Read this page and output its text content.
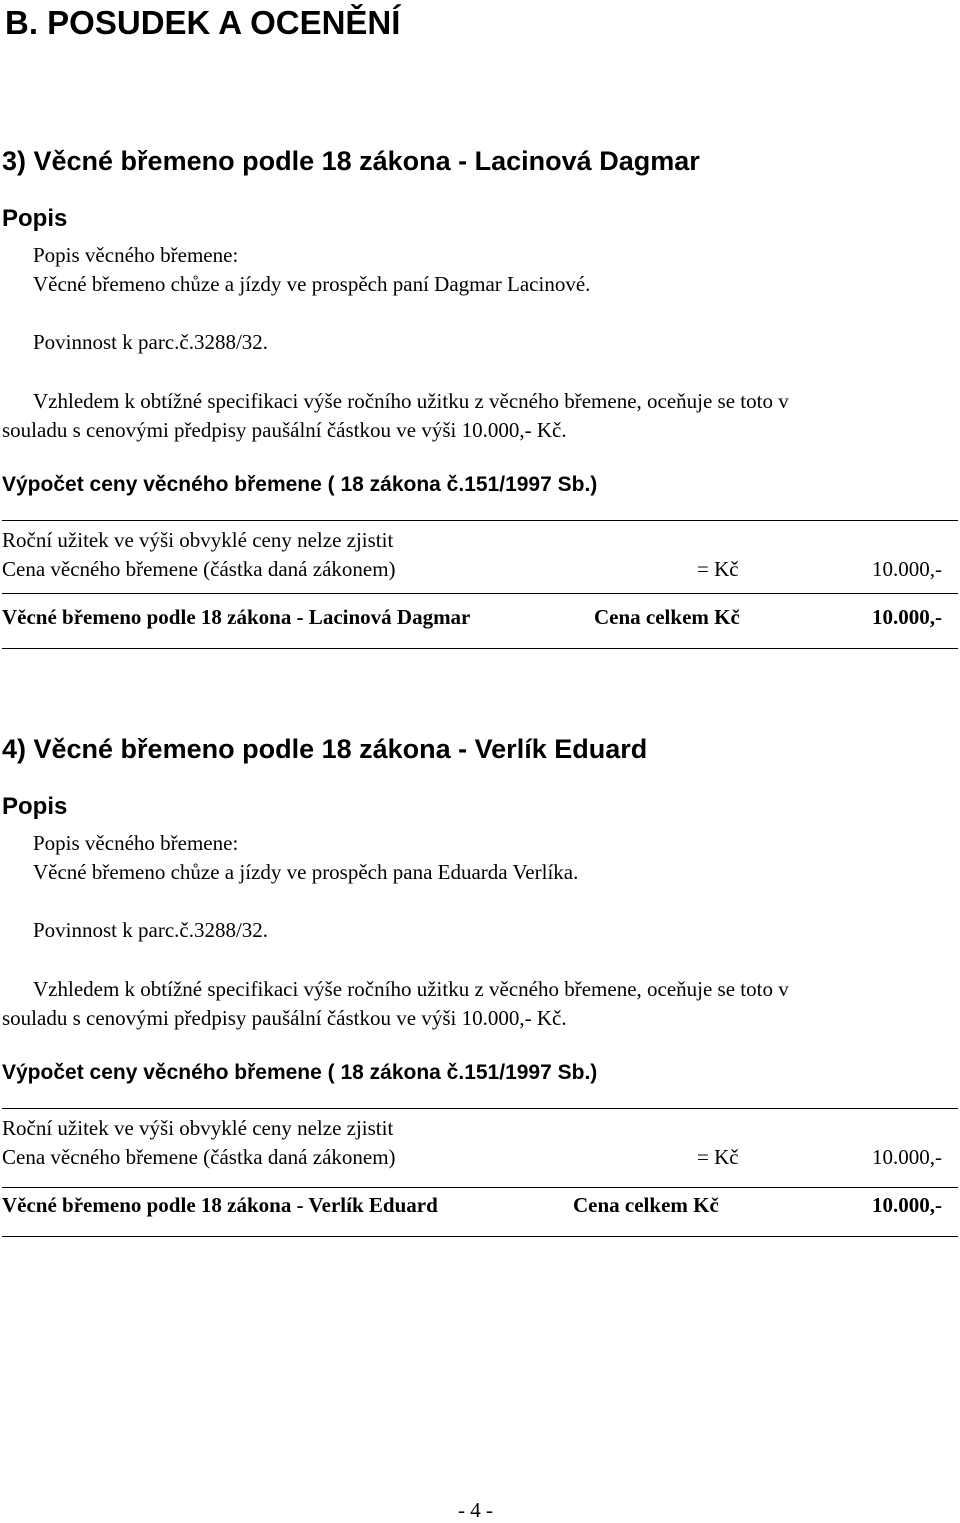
B. POSUDEK A OCENĚNÍ
3) Věcné břemeno podle 18 zákona - Lacinová Dagmar
Popis
Popis věcného břemene:
Věcné břemeno chůze a jízdy ve prospěch paní Dagmar Lacinové.
Povinnost k parc.č.3288/32.
Vzhledem k obtížné specifikaci výše ročního užitku z věcného břemene, oceňuje se toto v
souladu s cenovými předpisy paušální částkou ve výši 10.000,- Kč.
Výpočet ceny věcného břemene ( 18 zákona č.151/1997 Sb.)
Roční užitek ve výši obvyklé ceny nelze zjistit
Cena věcného břemene (částka daná zákonem)	= Kč	10.000,-
Věcné břemeno podle 18 zákona - Lacinová Dagmar	Cena celkem Kč	10.000,-
4) Věcné břemeno podle 18 zákona - Verlík Eduard
Popis
Popis věcného břemene:
Věcné břemeno chůze a jízdy ve prospěch pana Eduarda Verlíka.
Povinnost k parc.č.3288/32.
Vzhledem k obtížné specifikaci výše ročního užitku z věcného břemene, oceňuje se toto v
souladu s cenovými předpisy paušální částkou ve výši 10.000,- Kč.
Výpočet ceny věcného břemene ( 18 zákona č.151/1997 Sb.)
Roční užitek ve výši obvyklé ceny nelze zjistit
Cena věcného břemene (částka daná zákonem)	= Kč	10.000,-
Věcné břemeno podle 18 zákona - Verlík Eduard	Cena celkem Kč	10.000,-
- 4 -
